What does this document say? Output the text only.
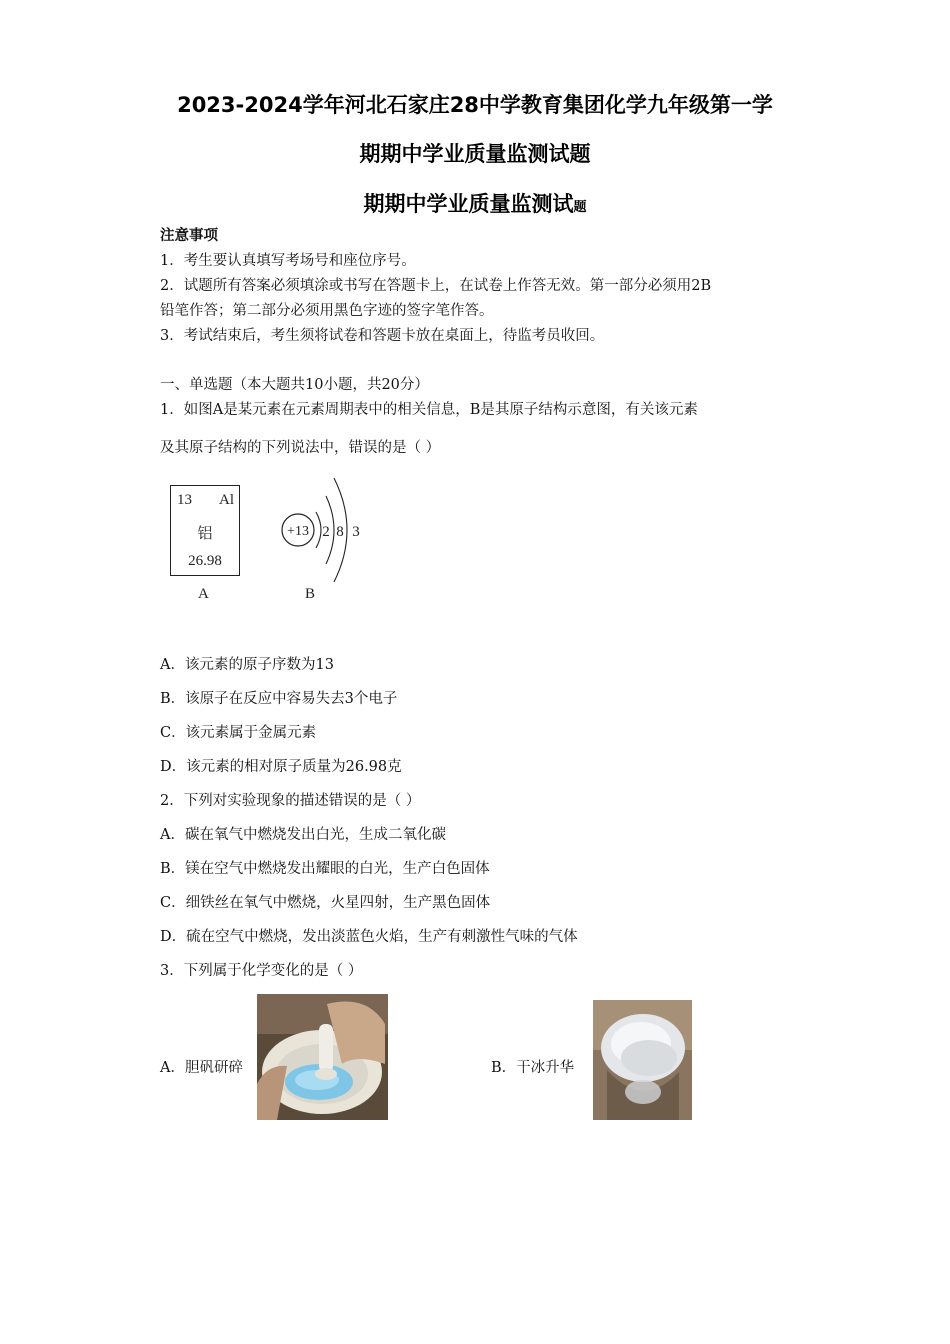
2023-2024学年河北石家庄28中学教育集团化学九年级第一学
期期中学业质量监测试题
期期中学业质量监测试题
注意事项
1．考生要认真填写考场号和座位序号。
2．试题所有答案必须填涂或书写在答题卡上，在试卷上作答无效。第一部分必须用2B
铅笔作答；第二部分必须用黑色字迹的签字笔作答。
3．考试结束后，考生须将试卷和答题卡放在桌面上，待监考员收回。
一、单选题（本大题共10小题，共20分）
1．如图A是某元素在元素周期表中的相关信息，B是其原子结构示意图，有关该元素
及其原子结构的下列说法中，错误的是（ ）
13 Al
铝
26.98
A
+13 2 8 3
B
A．该元素的原子序数为13
B．该原子在反应中容易失去3个电子
C．该元素属于金属元素
D．该元素的相对原子质量为26.98克
2．下列对实验现象的描述错误的是（ ）
A．碳在氧气中燃烧发出白光，生成二氧化碳
B．镁在空气中燃烧发出耀眼的白光，生产白色固体
C．细铁丝在氧气中燃烧，火星四射，生产黑色固体
D．硫在空气中燃烧，发出淡蓝色火焰，生产有刺激性气味的气体
3．下列属于化学变化的是（ ）
A．胆矾研碎	B．干冰升华
